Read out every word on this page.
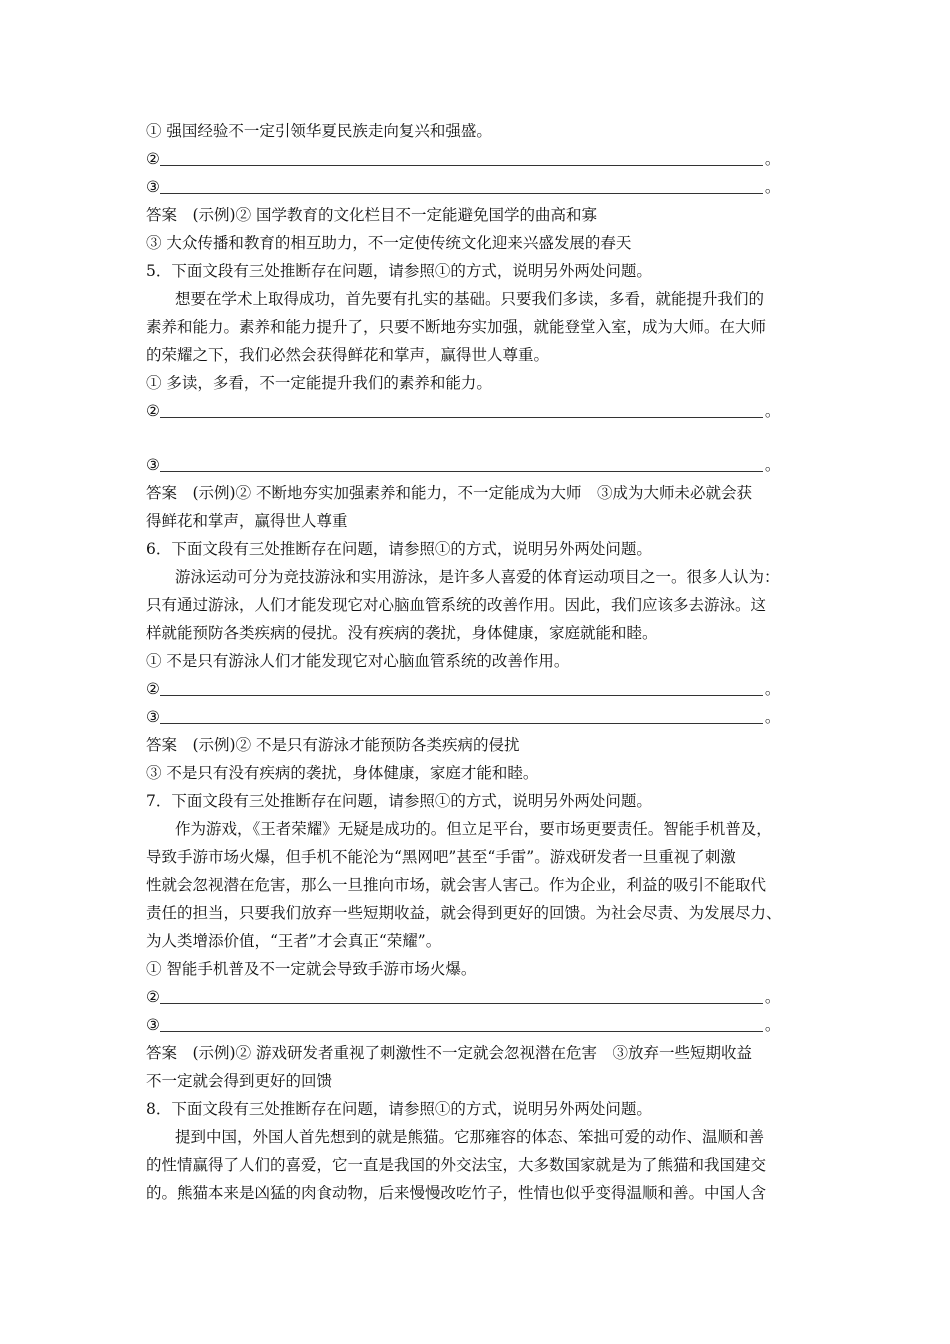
① 强国经验不一定引领华夏民族走向复兴和强盛。
②	。
③	。
答案　(示例)② 国学教育的文化栏目不一定能避免国学的曲高和寡
③ 大众传播和教育的相互助力，不一定使传统文化迎来兴盛发展的春天
5．下面文段有三处推断存在问题，请参照①的方式，说明另外两处问题。
想要在学术上取得成功，首先要有扎实的基础。只要我们多读，多看，就能提升我们的
素养和能力。素养和能力提升了，只要不断地夯实加强，就能登堂入室，成为大师。在大师
的荣耀之下，我们必然会获得鲜花和掌声，赢得世人尊重。
① 多读，多看，不一定能提升我们的素养和能力。
②	。
③	。
答案　(示例)② 不断地夯实加强素养和能力，不一定能成为大师　③成为大师未必就会获
得鲜花和掌声，赢得世人尊重
6．下面文段有三处推断存在问题，请参照①的方式，说明另外两处问题。
游泳运动可分为竞技游泳和实用游泳，是许多人喜爱的体育运动项目之一。很多人认为：
只有通过游泳，人们才能发现它对心脑血管系统的改善作用。因此，我们应该多去游泳。这
样就能预防各类疾病的侵扰。没有疾病的袭扰，身体健康，家庭就能和睦。
① 不是只有游泳人们才能发现它对心脑血管系统的改善作用。
②	。
③	。
答案　(示例)② 不是只有游泳才能预防各类疾病的侵扰
③ 不是只有没有疾病的袭扰，身体健康，家庭才能和睦。
7．下面文段有三处推断存在问题，请参照①的方式，说明另外两处问题。
作为游戏，《王者荣耀》无疑是成功的。但立足平台，要市场更要责任。智能手机普及，
导致手游市场火爆，但手机不能沦为“黑网吧”甚至“手雷”。游戏研发者一旦重视了刺激
性就会忽视潜在危害，那么一旦推向市场，就会害人害己。作为企业，利益的吸引不能取代
责任的担当，只要我们放弃一些短期收益，就会得到更好的回馈。为社会尽责、为发展尽力、
为人类增添价值，“王者”才会真正“荣耀”。
① 智能手机普及不一定就会导致手游市场火爆。
②	。
③	。
答案　(示例)② 游戏研发者重视了刺激性不一定就会忽视潜在危害　③放弃一些短期收益
不一定就会得到更好的回馈
8．下面文段有三处推断存在问题，请参照①的方式，说明另外两处问题。
提到中国，外国人首先想到的就是熊猫。它那雍容的体态、笨拙可爱的动作、温顺和善
的性情赢得了人们的喜爱，它一直是我国的外交法宝，大多数国家就是为了熊猫和我国建交
的。熊猫本来是凶猛的肉食动物，后来慢慢改吃竹子，性情也似乎变得温顺和善。中国人含
